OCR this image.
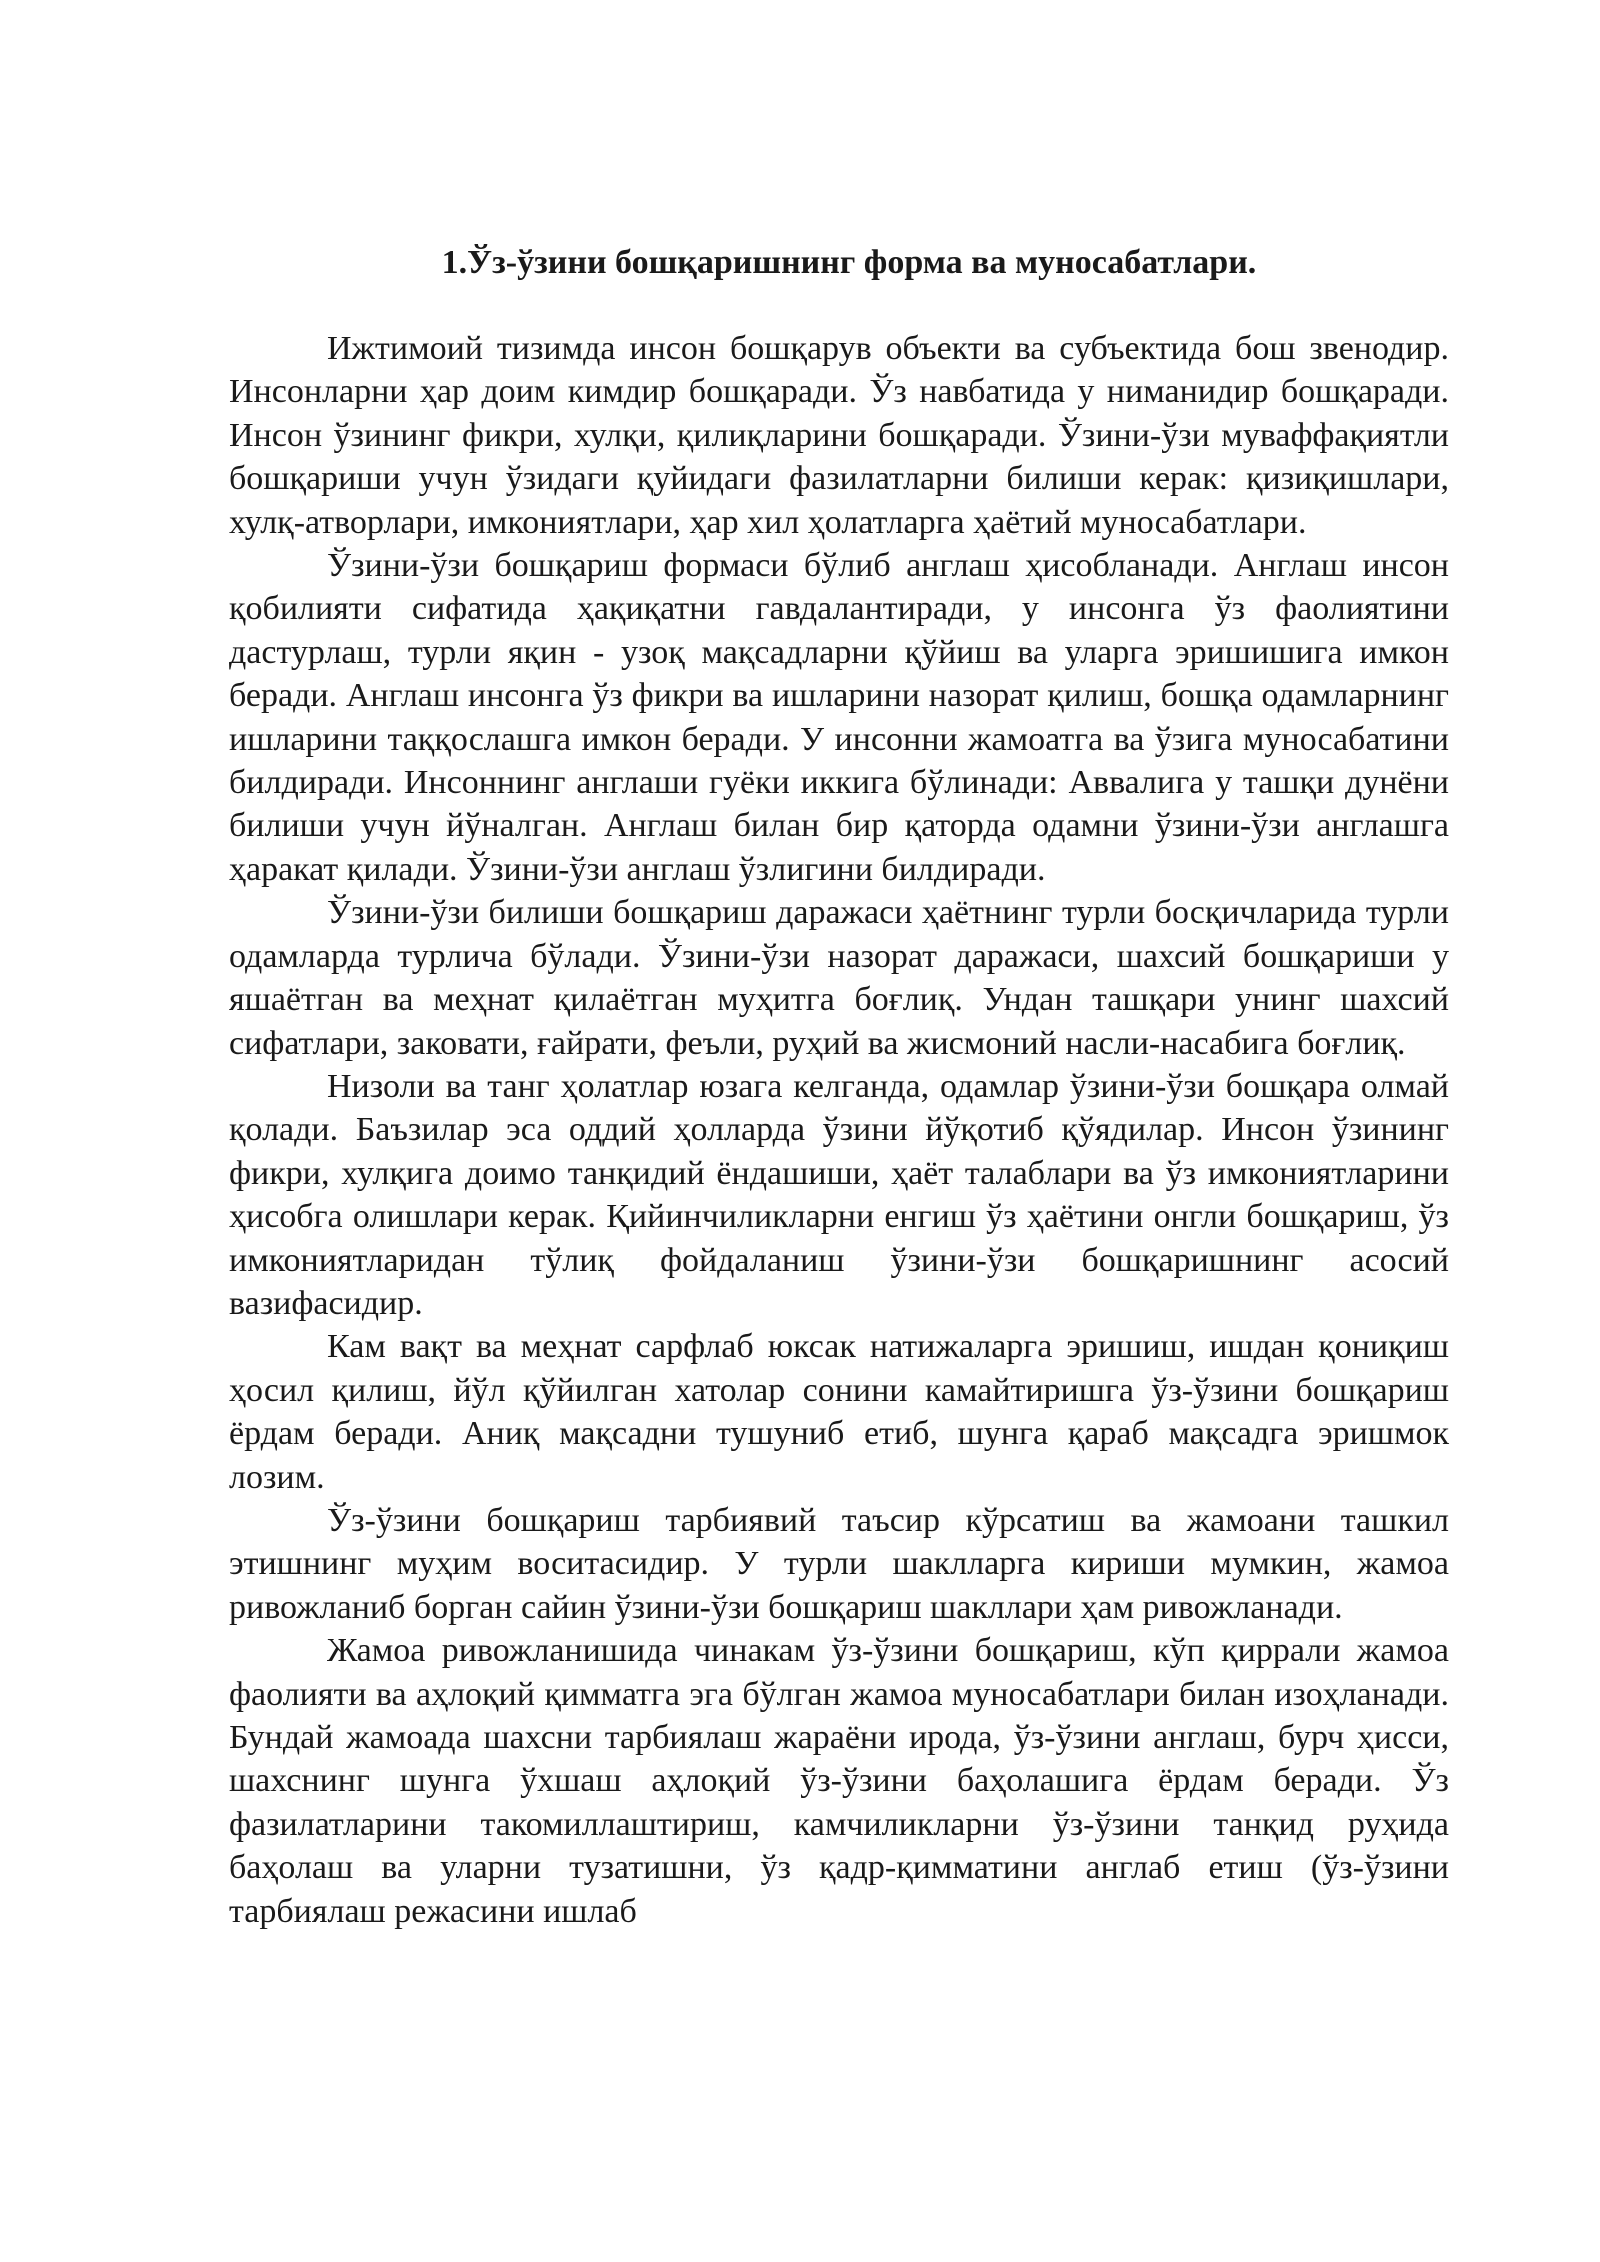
1.Ўз-ўзини бошқаришнинг форма ва муносабатлари.

Ижтимоий тизимда инсон бошқарув объекти ва субъектида бош звенодир. Инсонларни ҳар доим кимдир бошқаради. Ўз навбатида у ниманидир бошқаради. Инсон ўзининг фикри, хулқи, қилиқларини бошқаради. Ўзини-ўзи муваффақиятли бошқариши учун ўзидаги қуйидаги фазилатларни билиши керак: қизиқишлари, хулқ-атворлари, имкониятлари, ҳар хил ҳолатларга ҳаётий муносабатлари.

Ўзини-ўзи бошқариш формаси бўлиб англаш ҳисобланади. Англаш инсон қобилияти сифатида ҳақиқатни гавдалантиради, у инсонга ўз фаолиятини дастурлаш, турли яқин - узоқ мақсадларни қўйиш ва уларга эришишига имкон беради. Англаш инсонга ўз фикри ва ишларини назорат қилиш, бошқа одамларнинг ишларини таққослашга имкон беради. У инсонни жамоатга ва ўзига муносабатини билдиради. Инсоннинг англаши гуёки иккига бўлинади: Аввалига у ташқи дунёни билиши учун йўналган. Англаш билан бир қаторда одамни ўзини-ўзи англашга ҳаракат қилади. Ўзини-ўзи англаш ўзлигини билдиради.

Ўзини-ўзи билиши бошқариш даражаси ҳаётнинг турли босқичларида турли одамларда турлича бўлади. Ўзини-ўзи назорат даражаси, шахсий бошқариши у яшаётган ва меҳнат қилаётган муҳитга боғлиқ. Ундан ташқари унинг шахсий сифатлари, заковати, ғайрати, феъли, руҳий ва жисмоний насли-насабига боғлиқ.

Низоли ва танг ҳолатлар юзага келганда, одамлар ўзини-ўзи бошқара олмай қолади. Баъзилар эса оддий ҳолларда ўзини йўқотиб қўядилар. Инсон ўзининг фикри, хулқига доимо танқидий ёндашиши, ҳаёт талаблари ва ўз имкониятларини ҳисобга олишлари керак. Қийинчиликларни енгиш ўз ҳаётини онгли бошқариш, ўз имкониятларидан тўлиқ фойдаланиш ўзини-ўзи бошқаришнинг асосий вазифасидир.

Кам вақт ва меҳнат сарфлаб юксак натижаларга эришиш, ишдан қониқиш ҳосил қилиш, йўл қўйилган хатолар сонини камайтиришга ўз-ўзини бошқариш ёрдам беради. Аниқ мақсадни тушуниб етиб, шунга қараб мақсадга эришмок лозим.

Ўз-ўзини бошқариш тарбиявий таъсир кўрсатиш ва жамоани ташкил этишнинг муҳим воситасидир. У турли шаклларга кириши мумкин, жамоа ривожланиб борган сайин ўзини-ўзи бошқариш шакллари ҳам ривожланади.

Жамоа ривожланишида чинакам ўз-ўзини бошқариш, кўп қиррали жамоа фаолияти ва аҳлоқий қимматга эга бўлган жамоа муносабатлари билан изоҳланади. Бундай жамоада шахсни тарбиялаш жараёни ирода, ўз-ўзини англаш, бурч ҳисси, шахснинг шунга ўхшаш аҳлоқий ўз-ўзини баҳолашига ёрдам беради. Ўз фазилатларини такомиллаштириш, камчиликларни ўз-ўзини танқид руҳида баҳолаш ва уларни тузатишни, ўз қадр-қимматини англаб етиш (ўз-ўзини тарбиялаш режасини ишлаб
